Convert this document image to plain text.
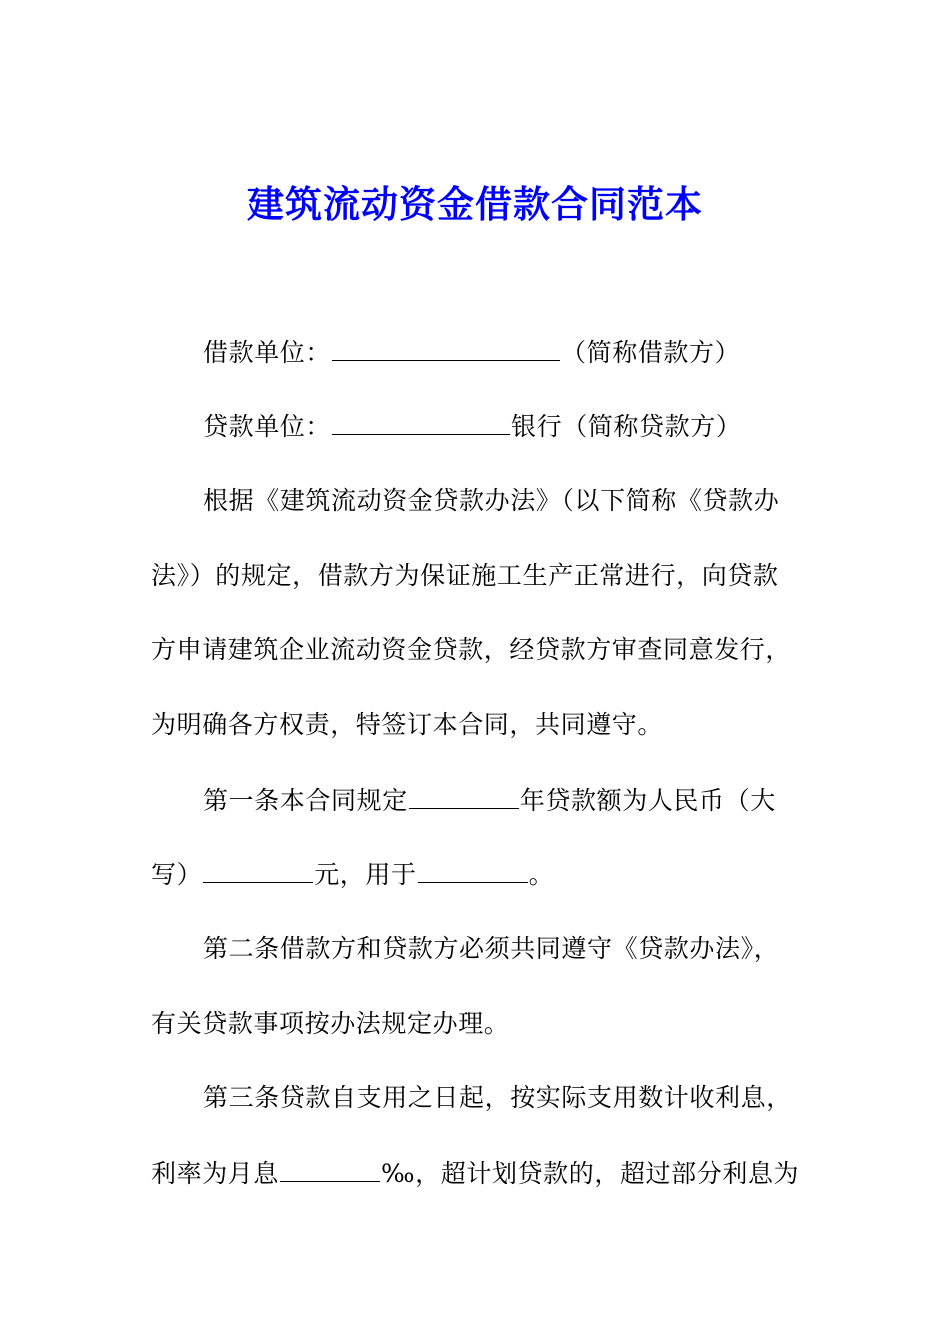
建筑流动资金借款合同范本
借款单位：	（简称借款方）
贷款单位：	银行（简称贷款方）
根据《建筑流动资金贷款办法》（以下简称《贷款办
法》）的规定，借款方为保证施工生产正常进行，向贷款
方申请建筑企业流动资金贷款，经贷款方审查同意发行，
为明确各方权责，特签订本合同，共同遵守。
第一条本合同规定	年贷款额为人民币（大
写）	元，用于	。
第二条借款方和贷款方必须共同遵守《贷款办法》，
有关贷款事项按办法规定办理。
第三条贷款自支用之日起，按实际支用数计收利息，
利率为月息	‰，超计划贷款的，超过部分利息为
